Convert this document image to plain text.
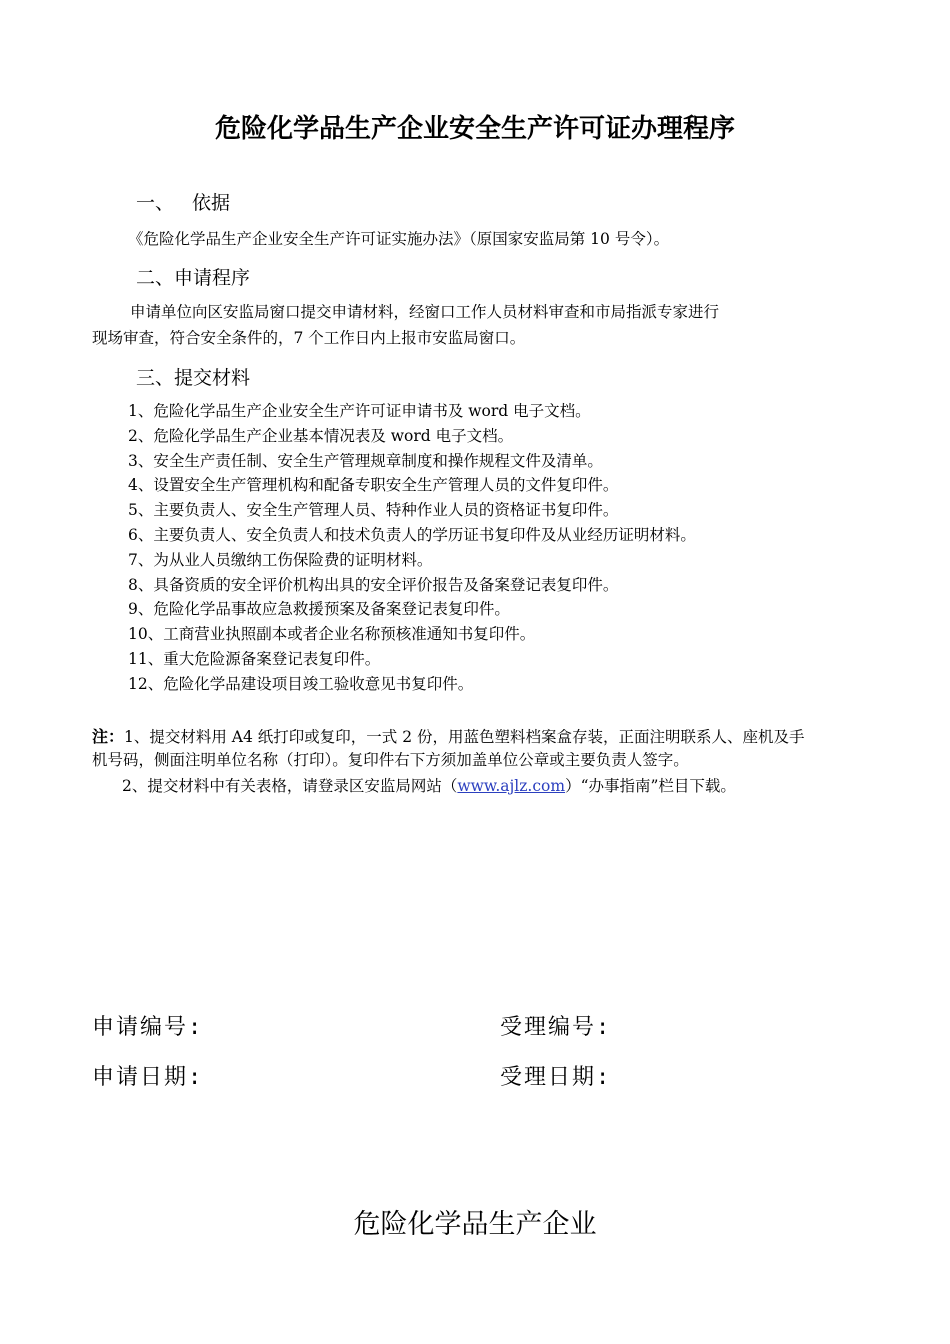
危险化学品生产企业安全生产许可证办理程序
一、 依据
《危险化学品生产企业安全生产许可证实施办法》（原国家安监局第 10 号令）。
二、申请程序
申请单位向区安监局窗口提交申请材料，经窗口工作人员材料审查和市局指派专家进行
现场审查，符合安全条件的，7 个工作日内上报市安监局窗口。
三、提交材料
1、危险化学品生产企业安全生产许可证申请书及 word 电子文档。
2、危险化学品生产企业基本情况表及 word 电子文档。
3、安全生产责任制、安全生产管理规章制度和操作规程文件及清单。
4、设置安全生产管理机构和配备专职安全生产管理人员的文件复印件。
5、主要负责人、安全生产管理人员、特种作业人员的资格证书复印件。
6、主要负责人、安全负责人和技术负责人的学历证书复印件及从业经历证明材料。
7、为从业人员缴纳工伤保险费的证明材料。
8、具备资质的安全评价机构出具的安全评价报告及备案登记表复印件。
9、危险化学品事故应急救援预案及备案登记表复印件。
10、工商营业执照副本或者企业名称预核准通知书复印件。
11、重大危险源备案登记表复印件。
12、危险化学品建设项目竣工验收意见书复印件。
注：1、提交材料用 A4 纸打印或复印，一式 2 份，用蓝色塑料档案盒存装，正面注明联系人、座机及手
机号码，侧面注明单位名称（打印）。复印件右下方须加盖单位公章或主要负责人签字。
2、提交材料中有关表格，请登录区安监局网站（www.ajlz.com）“办事指南”栏目下载。
申请编号:	受理编号:
申请日期:	受理日期:
危险化学品生产企业
